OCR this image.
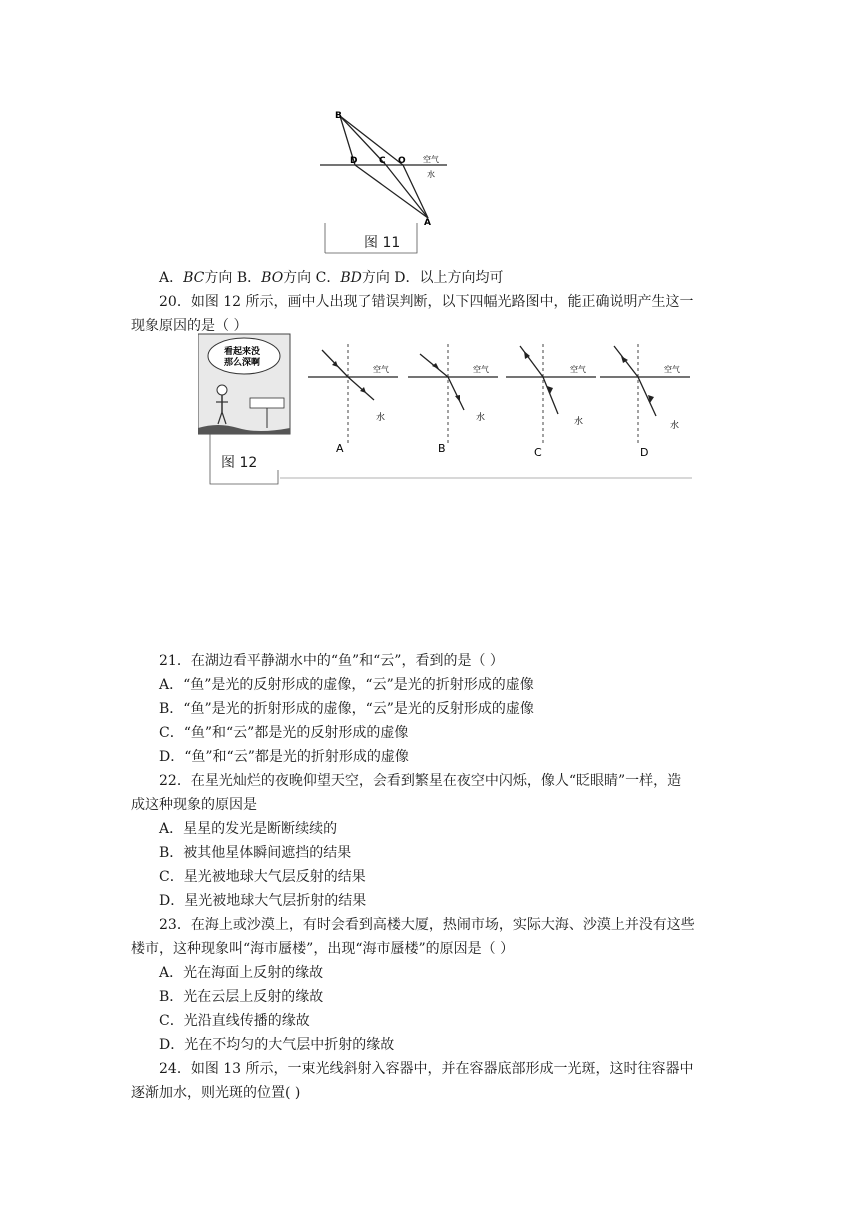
B
D C O
A
空气
水
图 11
A．BC方向 B．BO方向 C．BD方向 D．以上方向均可
20．如图 12 所示，画中人出现了错误判断，以下四幅光路图中，能正确说明产生这一
现象原因的是（ ）
看起来没
那么深啊
空气
水
空气
水
空气
水
空气
水
A	B	C	D
图 12
21．在湖边看平静湖水中的“鱼”和“云”，看到的是（ ）
A．“鱼”是光的反射形成的虚像，“云”是光的折射形成的虚像
B．“鱼”是光的折射形成的虚像，“云”是光的反射形成的虚像
C．“鱼”和“云”都是光的反射形成的虚像
D．“鱼”和“云”都是光的折射形成的虚像
22．在星光灿烂的夜晚仰望天空，会看到繁星在夜空中闪烁，像人“眨眼睛”一样，造
成这种现象的原因是
A．星星的发光是断断续续的
B．被其他星体瞬间遮挡的结果
C．星光被地球大气层反射的结果
D．星光被地球大气层折射的结果
23．在海上或沙漠上，有时会看到高楼大厦，热闹市场，实际大海、沙漠上并没有这些
楼市，这种现象叫“海市蜃楼”，出现“海市蜃楼”的原因是（ ）
A．光在海面上反射的缘故
B．光在云层上反射的缘故
C．光沿直线传播的缘故
D．光在不均匀的大气层中折射的缘故
24．如图 13 所示，一束光线斜射入容器中，并在容器底部形成一光斑，这时往容器中
逐渐加水，则光斑的位置( )
